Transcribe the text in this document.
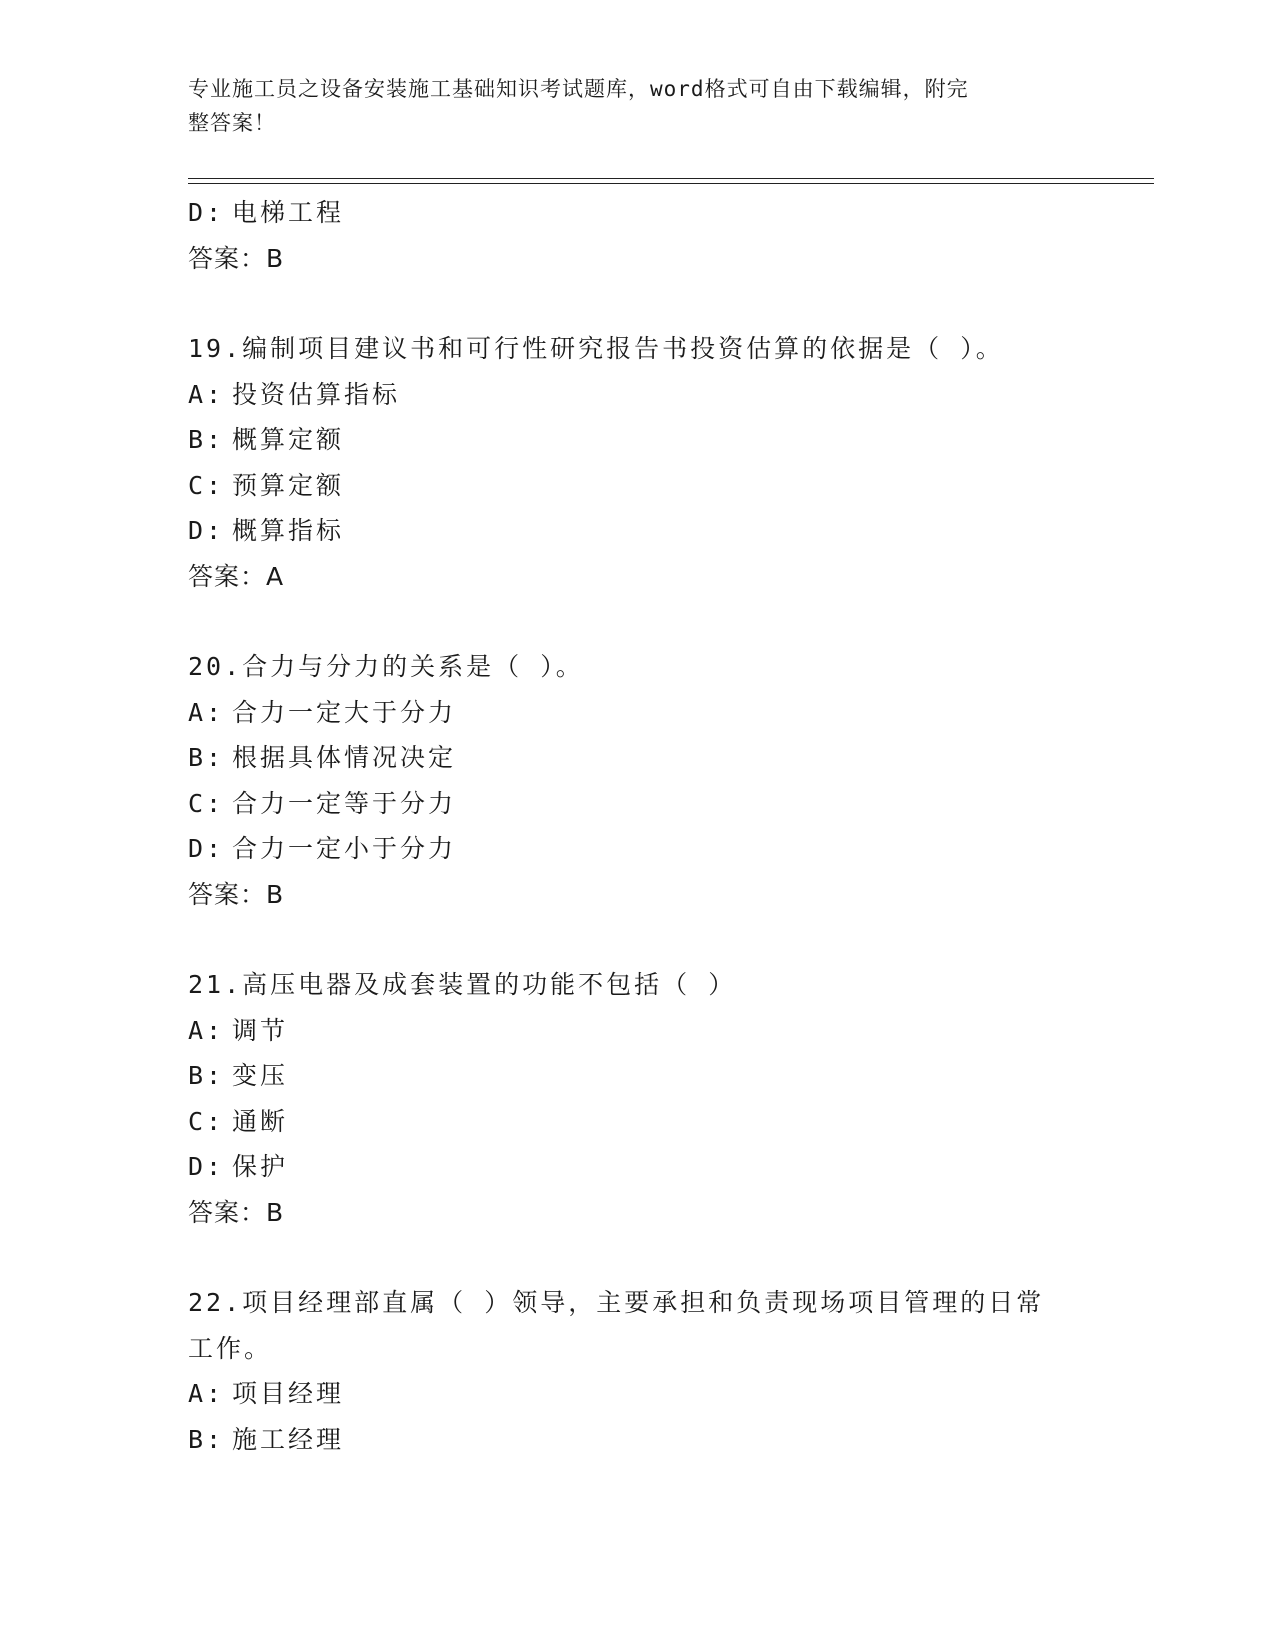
专业施工员之设备安装施工基础知识考试题库，word格式可自由下载编辑，附完
整答案！
D: 电梯工程
答案：B
19.编制项目建议书和可行性研究报告书投资估算的依据是（ ）。
A: 投资估算指标
B: 概算定额
C: 预算定额
D: 概算指标
答案：A
20.合力与分力的关系是（ ）。
A: 合力一定大于分力
B: 根据具体情况决定
C: 合力一定等于分力
D: 合力一定小于分力
答案：B
21.高压电器及成套装置的功能不包括（ ）
A: 调节
B: 变压
C: 通断
D: 保护
答案：B
22.项目经理部直属（ ）领导，主要承担和负责现场项目管理的日常
工作。
A: 项目经理
B: 施工经理
